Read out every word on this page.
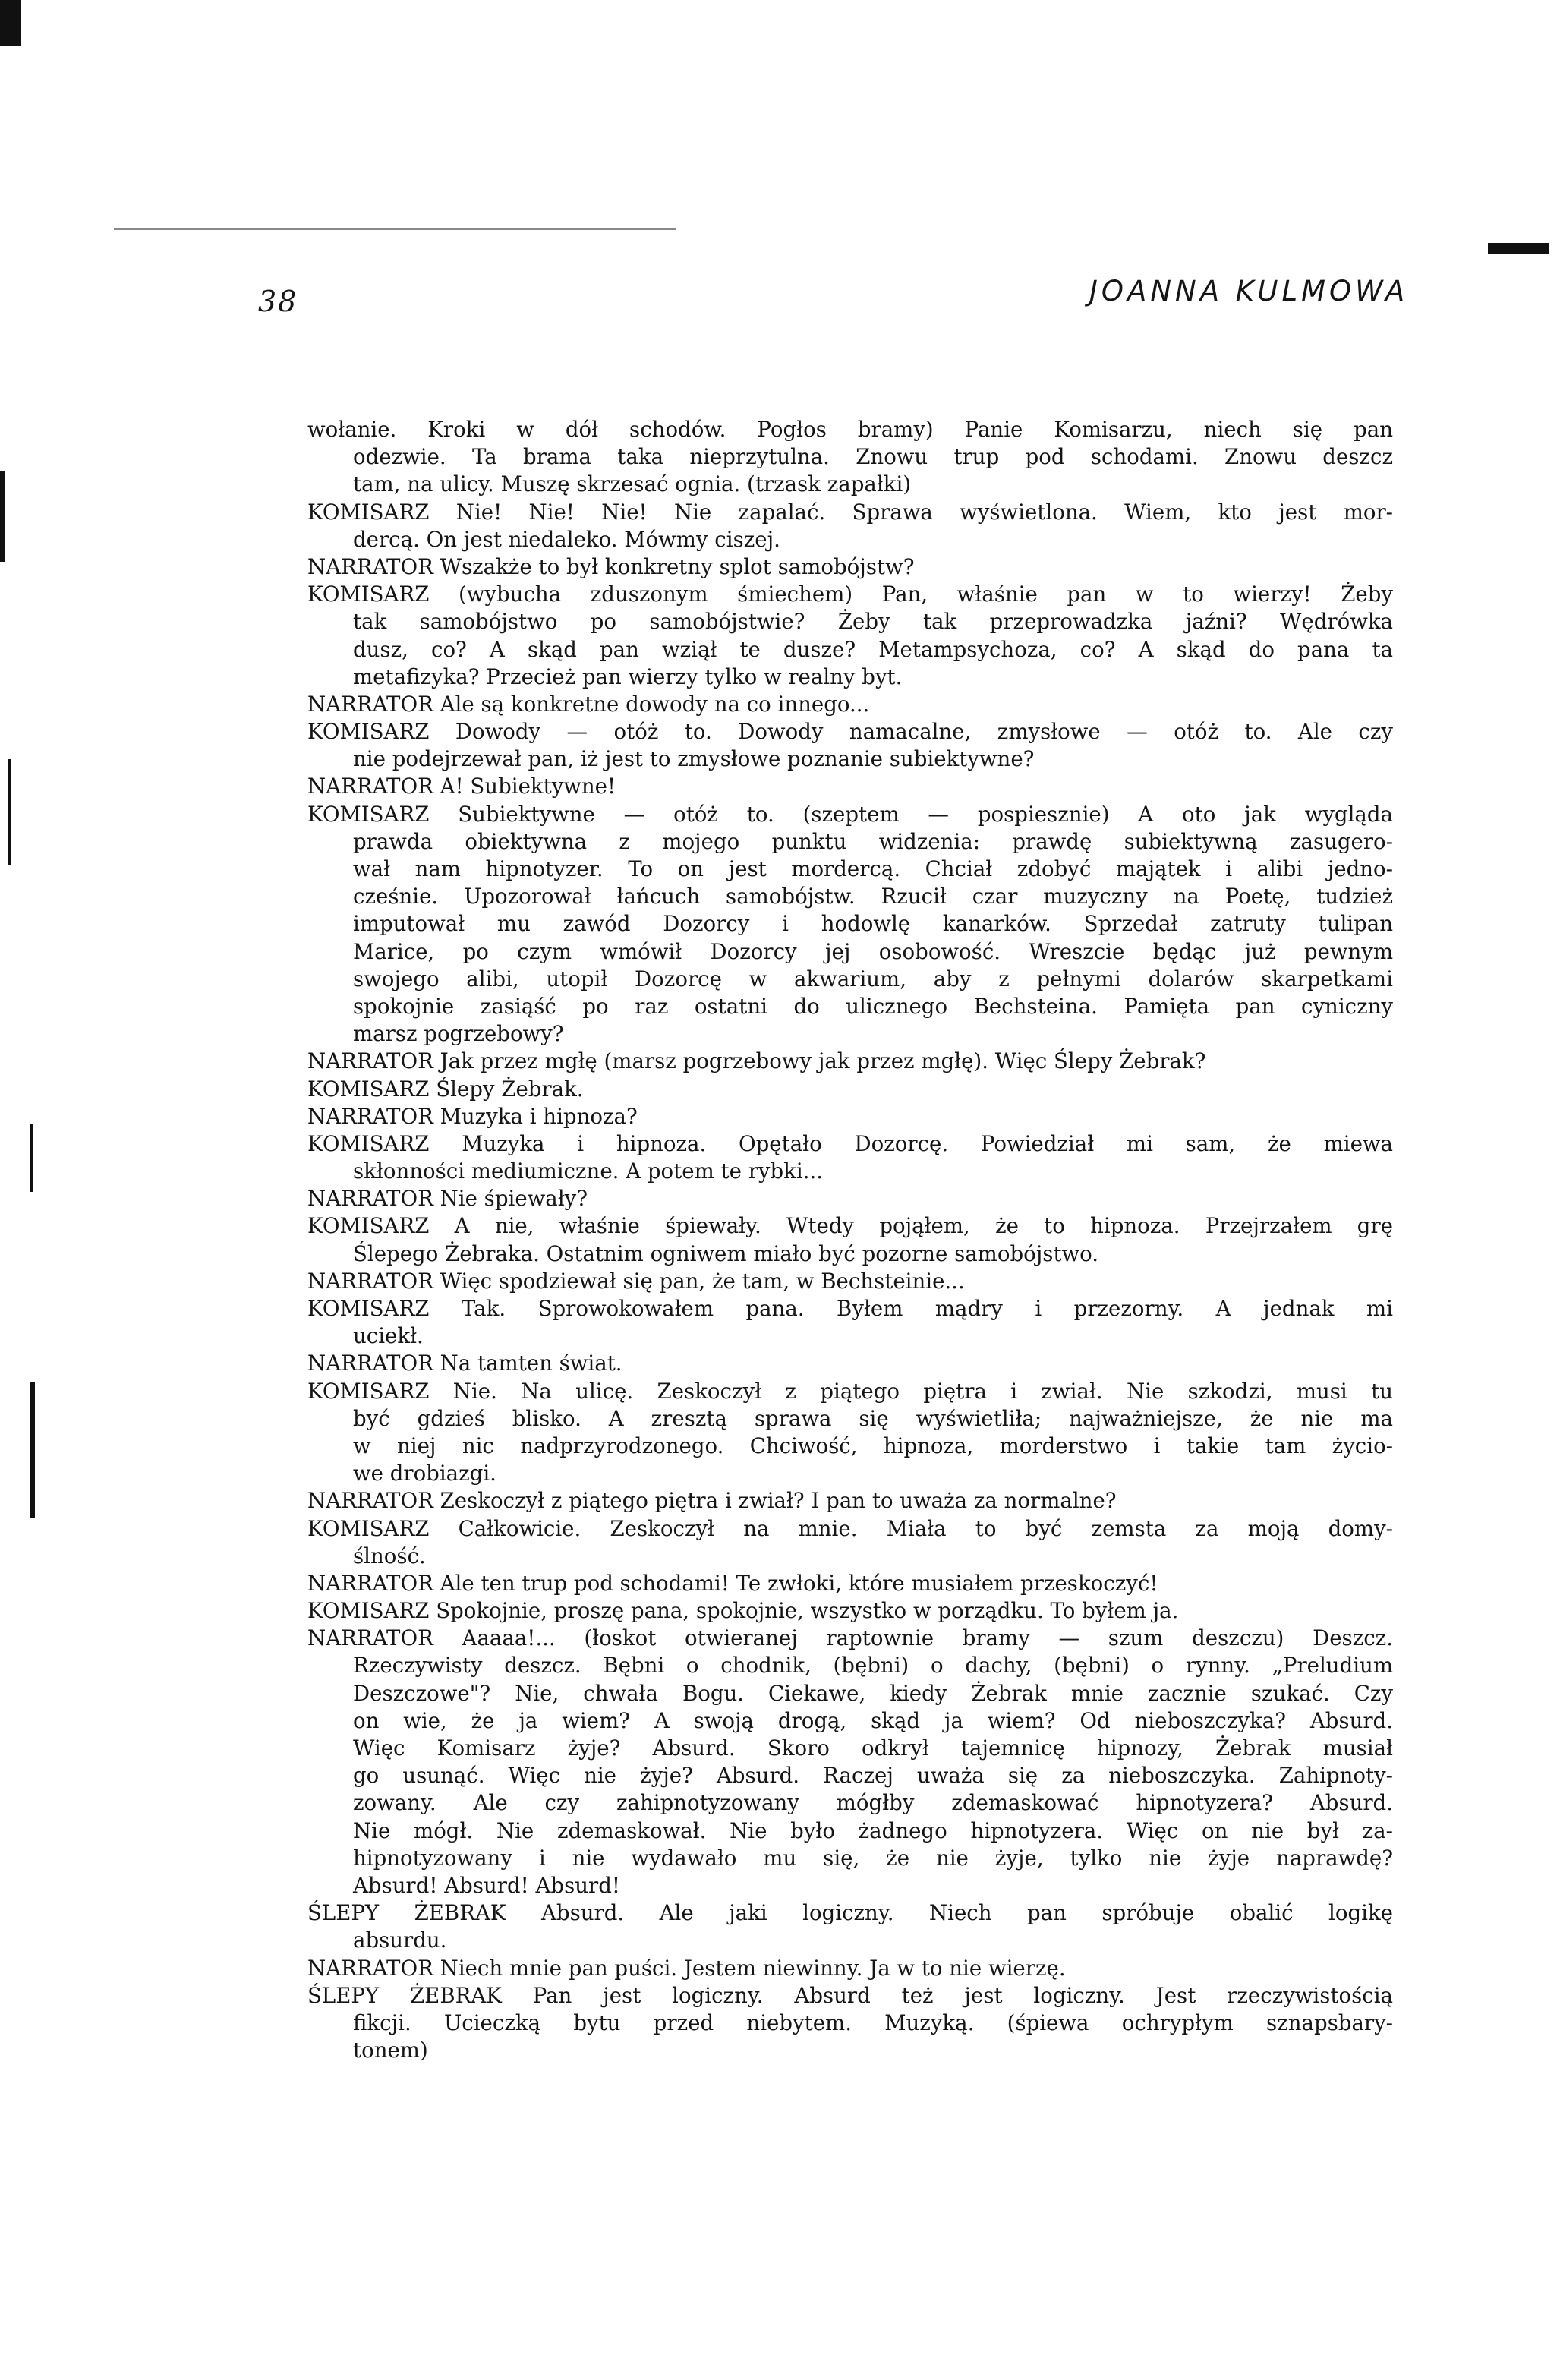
38	JOANNA KULMOWA
wołanie. Kroki w dół schodów. Pogłos bramy) Panie Komisarzu, niech się pan
odezwie. Ta brama taka nieprzytulna. Znowu trup pod schodami. Znowu deszcz
tam, na ulicy. Muszę skrzesać ognia. (trzask zapałki)
KOMISARZ Nie! Nie! Nie! Nie zapalać. Sprawa wyświetlona. Wiem, kto jest mor-
dercą. On jest niedaleko. Mówmy ciszej.
NARRATOR Wszakże to był konkretny splot samobójstw?
KOMISARZ (wybucha zduszonym śmiechem) Pan, właśnie pan w to wierzy! Żeby
tak samobójstwo po samobójstwie? Żeby tak przeprowadzka jaźni? Wędrówka
dusz, co? A skąd pan wziął te dusze? Metampsychoza, co? A skąd do pana ta
metafizyka? Przecież pan wierzy tylko w realny byt.
NARRATOR Ale są konkretne dowody na co innego...
KOMISARZ Dowody — otóż to. Dowody namacalne, zmysłowe — otóż to. Ale czy
nie podejrzewał pan, iż jest to zmysłowe poznanie subiektywne?
NARRATOR A! Subiektywne!
KOMISARZ Subiektywne — otóż to. (szeptem — pospiesznie) A oto jak wygląda
prawda obiektywna z mojego punktu widzenia: prawdę subiektywną zasugero-
wał nam hipnotyzer. To on jest mordercą. Chciał zdobyć majątek i alibi jedno-
cześnie. Upozorował łańcuch samobójstw. Rzucił czar muzyczny na Poetę, tudzież
imputował mu zawód Dozorcy i hodowlę kanarków. Sprzedał zatruty tulipan
Marice, po czym wmówił Dozorcy jej osobowość. Wreszcie będąc już pewnym
swojego alibi, utopił Dozorcę w akwarium, aby z pełnymi dolarów skarpetkami
spokojnie zasiąść po raz ostatni do ulicznego Bechsteina. Pamięta pan cyniczny
marsz pogrzebowy?
NARRATOR Jak przez mgłę (marsz pogrzebowy jak przez mgłę). Więc Ślepy Żebrak?
KOMISARZ Ślepy Żebrak.
NARRATOR Muzyka i hipnoza?
KOMISARZ Muzyka i hipnoza. Opętało Dozorcę. Powiedział mi sam, że miewa
skłonności mediumiczne. A potem te rybki...
NARRATOR Nie śpiewały?
KOMISARZ A nie, właśnie śpiewały. Wtedy pojąłem, że to hipnoza. Przejrzałem grę
Ślepego Żebraka. Ostatnim ogniwem miało być pozorne samobójstwo.
NARRATOR Więc spodziewał się pan, że tam, w Bechsteinie...
KOMISARZ Tak. Sprowokowałem pana. Byłem mądry i przezorny. A jednak mi
uciekł.
NARRATOR Na tamten świat.
KOMISARZ Nie. Na ulicę. Zeskoczył z piątego piętra i zwiał. Nie szkodzi, musi tu
być gdzieś blisko. A zresztą sprawa się wyświetliła; najważniejsze, że nie ma
w niej nic nadprzyrodzonego. Chciwość, hipnoza, morderstwo i takie tam życio-
we drobiazgi.
NARRATOR Zeskoczył z piątego piętra i zwiał? I pan to uważa za normalne?
KOMISARZ Całkowicie. Zeskoczył na mnie. Miała to być zemsta za moją domy-
ślność.
NARRATOR Ale ten trup pod schodami! Te zwłoki, które musiałem przeskoczyć!
KOMISARZ Spokojnie, proszę pana, spokojnie, wszystko w porządku. To byłem ja.
NARRATOR Aaaaa!... (łoskot otwieranej raptownie bramy — szum deszczu) Deszcz.
Rzeczywisty deszcz. Bębni o chodnik, (bębni) o dachy, (bębni) o rynny. „Preludium
Deszczowe"? Nie, chwała Bogu. Ciekawe, kiedy Żebrak mnie zacznie szukać. Czy
on wie, że ja wiem? A swoją drogą, skąd ja wiem? Od nieboszczyka? Absurd.
Więc Komisarz żyje? Absurd. Skoro odkrył tajemnicę hipnozy, Żebrak musiał
go usunąć. Więc nie żyje? Absurd. Raczej uważa się za nieboszczyka. Zahipnoty-
zowany. Ale czy zahipnotyzowany mógłby zdemaskować hipnotyzera? Absurd.
Nie mógł. Nie zdemaskował. Nie było żadnego hipnotyzera. Więc on nie był za-
hipnotyzowany i nie wydawało mu się, że nie żyje, tylko nie żyje naprawdę?
Absurd! Absurd! Absurd!
ŚLEPY ŻEBRAK Absurd. Ale jaki logiczny. Niech pan spróbuje obalić logikę
absurdu.
NARRATOR Niech mnie pan puści. Jestem niewinny. Ja w to nie wierzę.
ŚLEPY ŻEBRAK Pan jest logiczny. Absurd też jest logiczny. Jest rzeczywistością
fikcji. Ucieczką bytu przed niebytem. Muzyką. (śpiewa ochrypłym sznapsbary-
tonem)
